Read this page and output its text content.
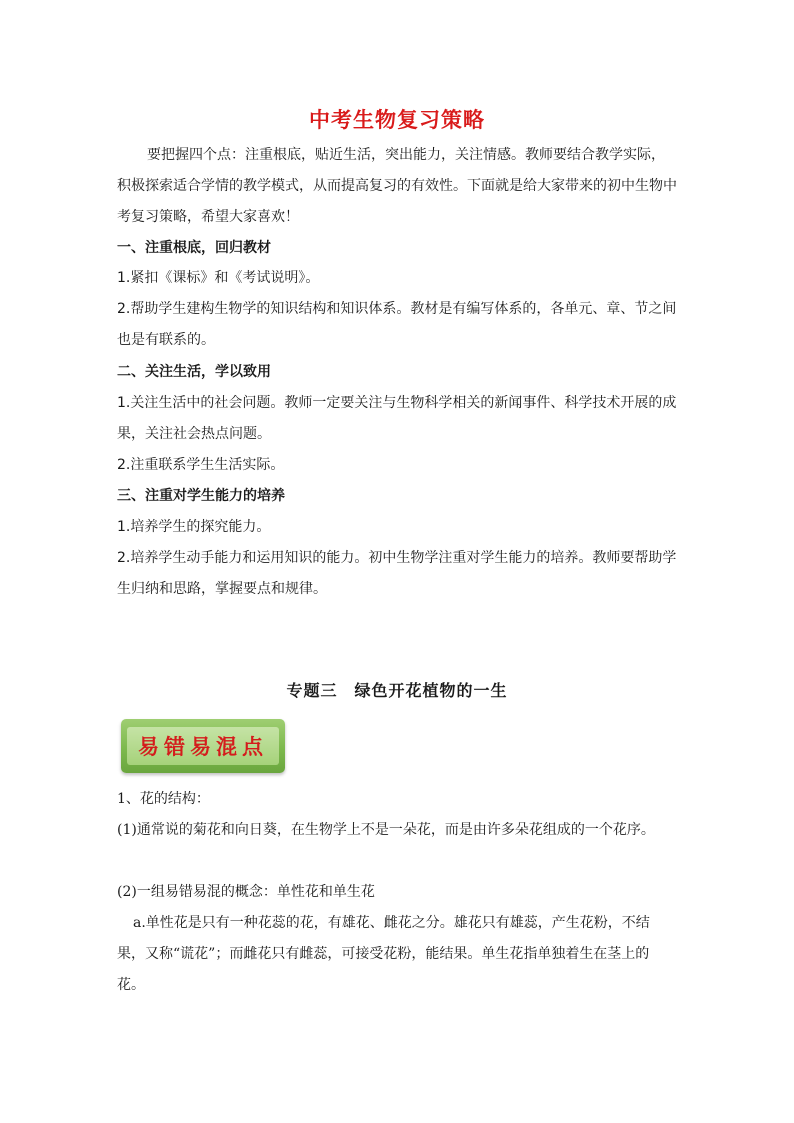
中考生物复习策略

要把握四个点：注重根底，贴近生活，突出能力，关注情感。教师要结合教学实际，积极探索适合学情的教学模式，从而提高复习的有效性。下面就是给大家带来的初中生物中考复习策略，希望大家喜欢！

一、注重根底，回归教材

1.紧扣《课标》和《考试说明》。

2.帮助学生建构生物学的知识结构和知识体系。教材是有编写体系的，各单元、章、节之间也是有联系的。

二、关注生活，学以致用

1.关注生活中的社会问题。教师一定要关注与生物科学相关的新闻事件、科学技术开展的成果，关注社会热点问题。

2.注重联系学生生活实际。

三、注重对学生能力的培养

1.培养学生的探究能力。

2.培养学生动手能力和运用知识的能力。初中生物学注重对学生能力的培养。教师要帮助学生归纳和思路，掌握要点和规律。

专题三　绿色开花植物的一生
易错易混点

1、花的结构：

(1)通常说的菊花和向日葵，在生物学上不是一朵花，而是由许多朵花组成的一个花序。

(2)一组易错易混的概念：单性花和单生花

a.单性花是只有一种花蕊的花，有雄花、雌花之分。雄花只有雄蕊，产生花粉，不结果，又称“谎花”；而雌花只有雌蕊，可接受花粉，能结果。单生花指单独着生在茎上的花。
